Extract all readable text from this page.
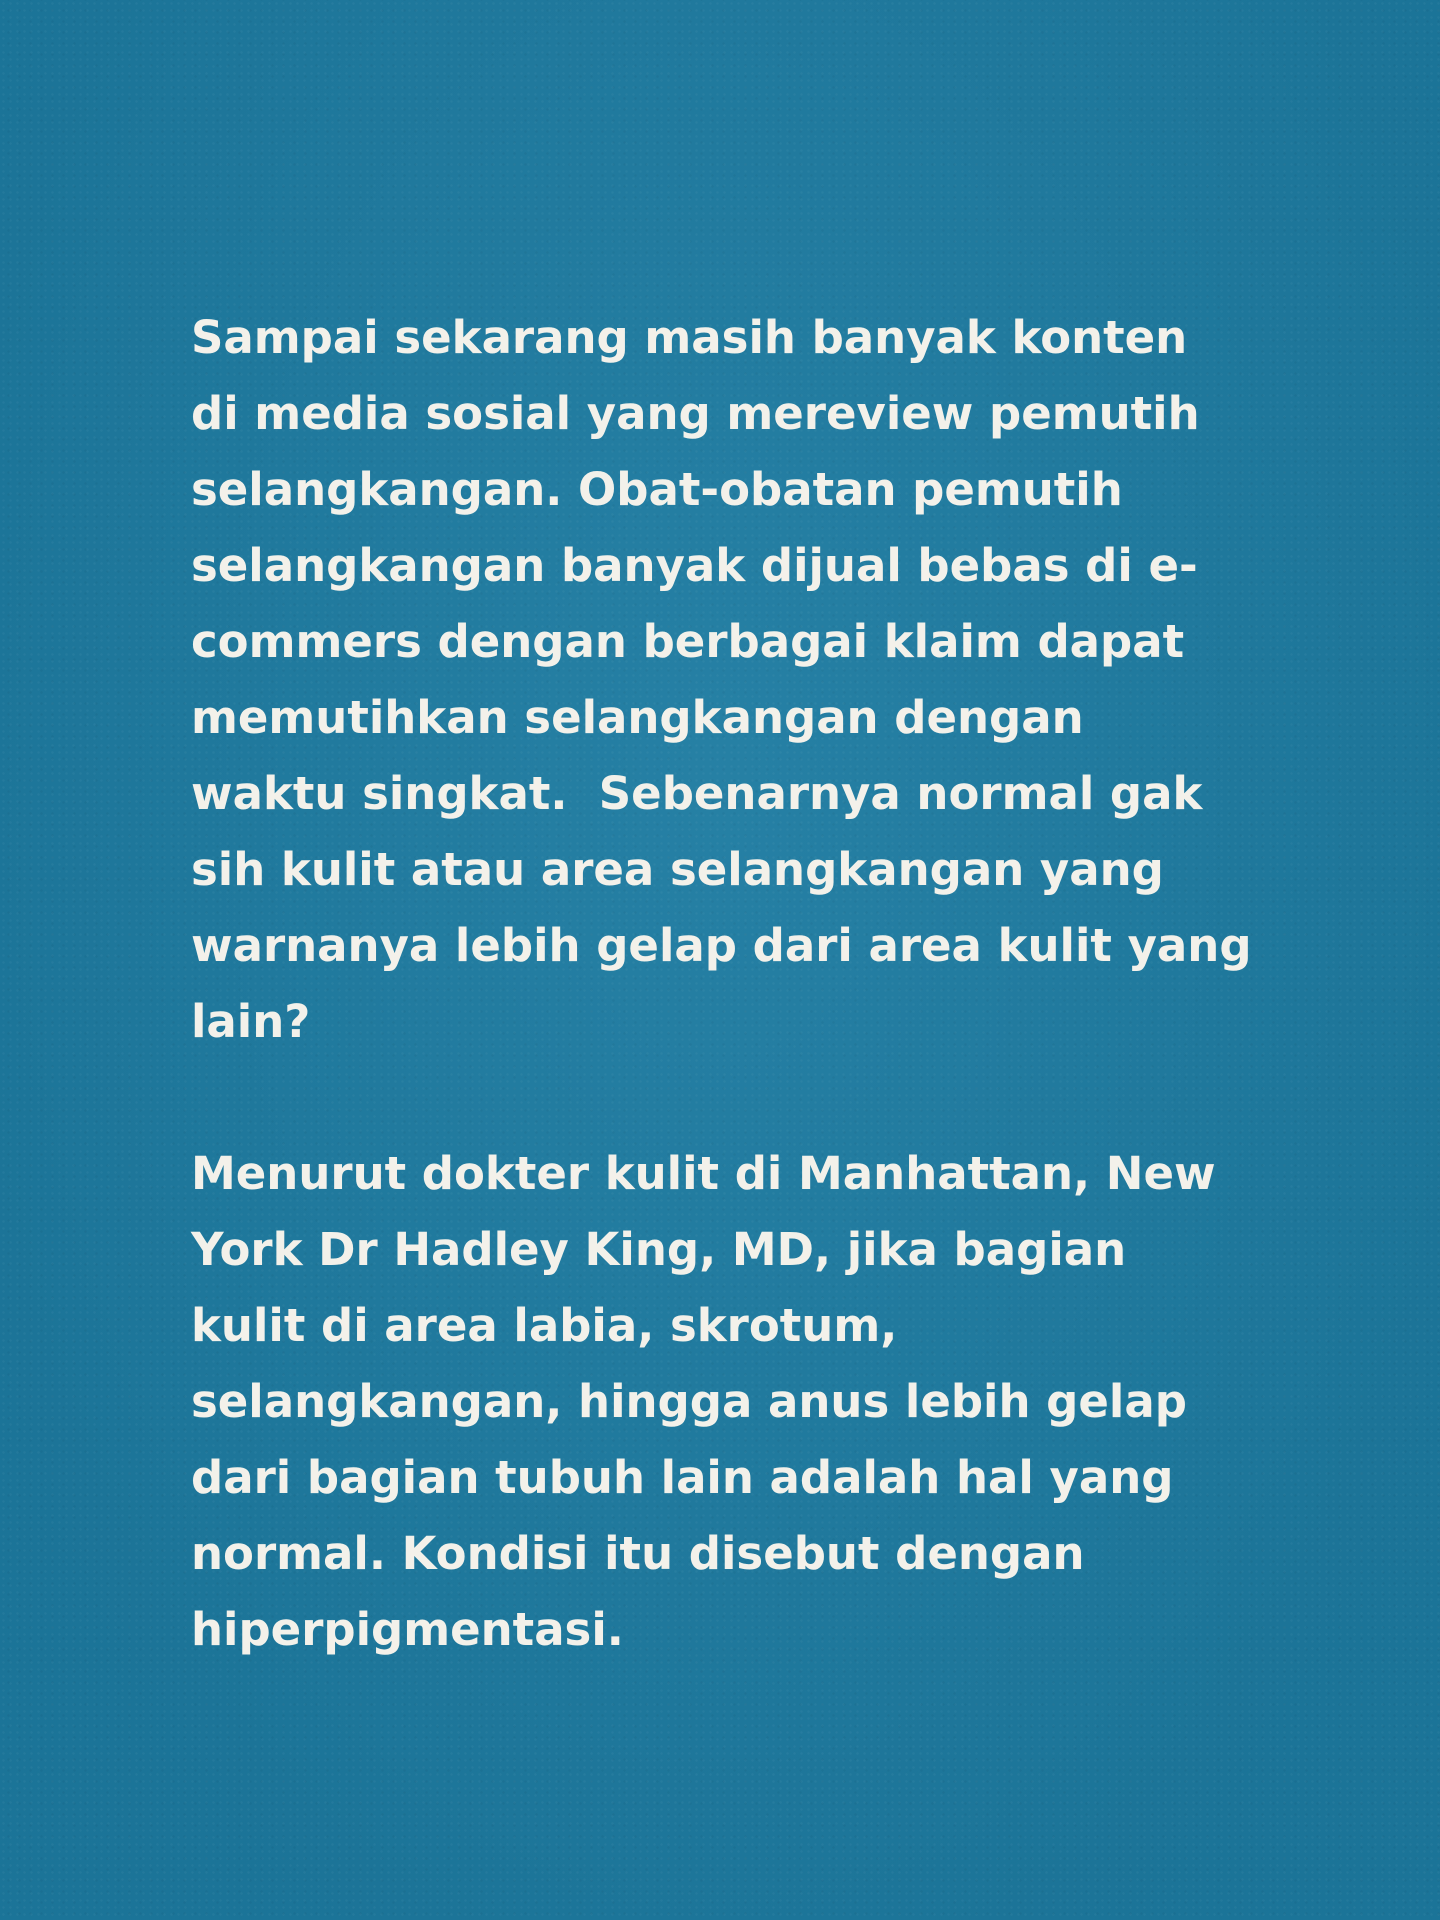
Sampai sekarang masih banyak konten
di media sosial yang mereview pemutih
selangkangan. Obat-obatan pemutih
selangkangan banyak dijual bebas di e-
commers dengan berbagai klaim dapat
memutihkan selangkangan dengan
waktu singkat.  Sebenarnya normal gak
sih kulit atau area selangkangan yang
warnanya lebih gelap dari area kulit yang
lain?
Menurut dokter kulit di Manhattan, New
York Dr Hadley King, MD, jika bagian
kulit di area labia, skrotum,
selangkangan, hingga anus lebih gelap
dari bagian tubuh lain adalah hal yang
normal. Kondisi itu disebut dengan
hiperpigmentasi.
